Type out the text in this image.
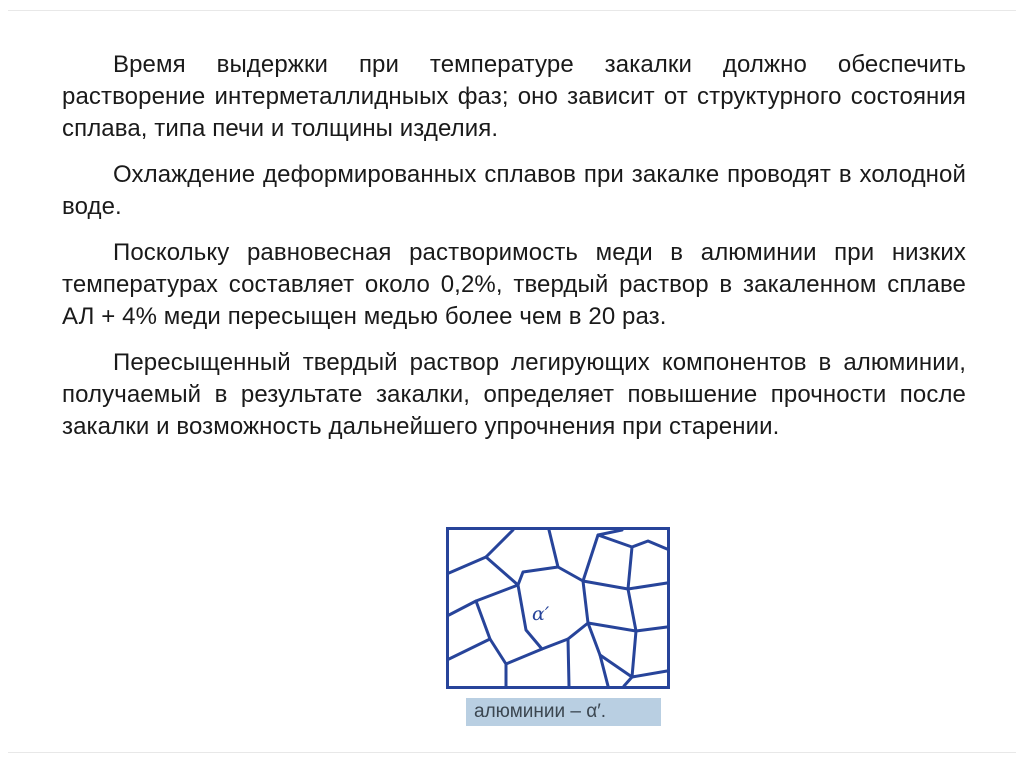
Время выдержки при температуре закалки должно обеспечить растворение интерметаллидныых фаз; оно зависит от структурного состояния сплава, типа печи и толщины изделия.

Охлаждение деформированных сплавов при закалке проводят в холодной воде.

Поскольку равновесная растворимость меди в алюминии при низких температурах составляет около 0,2%, твердый раствор в закаленном сплаве АЛ + 4% меди пересыщен медью более чем в 20 раз.

Пересыщенный твердый раствор легирующих компонентов в алюминии, получаемый в результате закалки, определяет повышение прочности после закалки и возможность дальнейшего упрочнения при старении.

α′
алюминии – α′.
